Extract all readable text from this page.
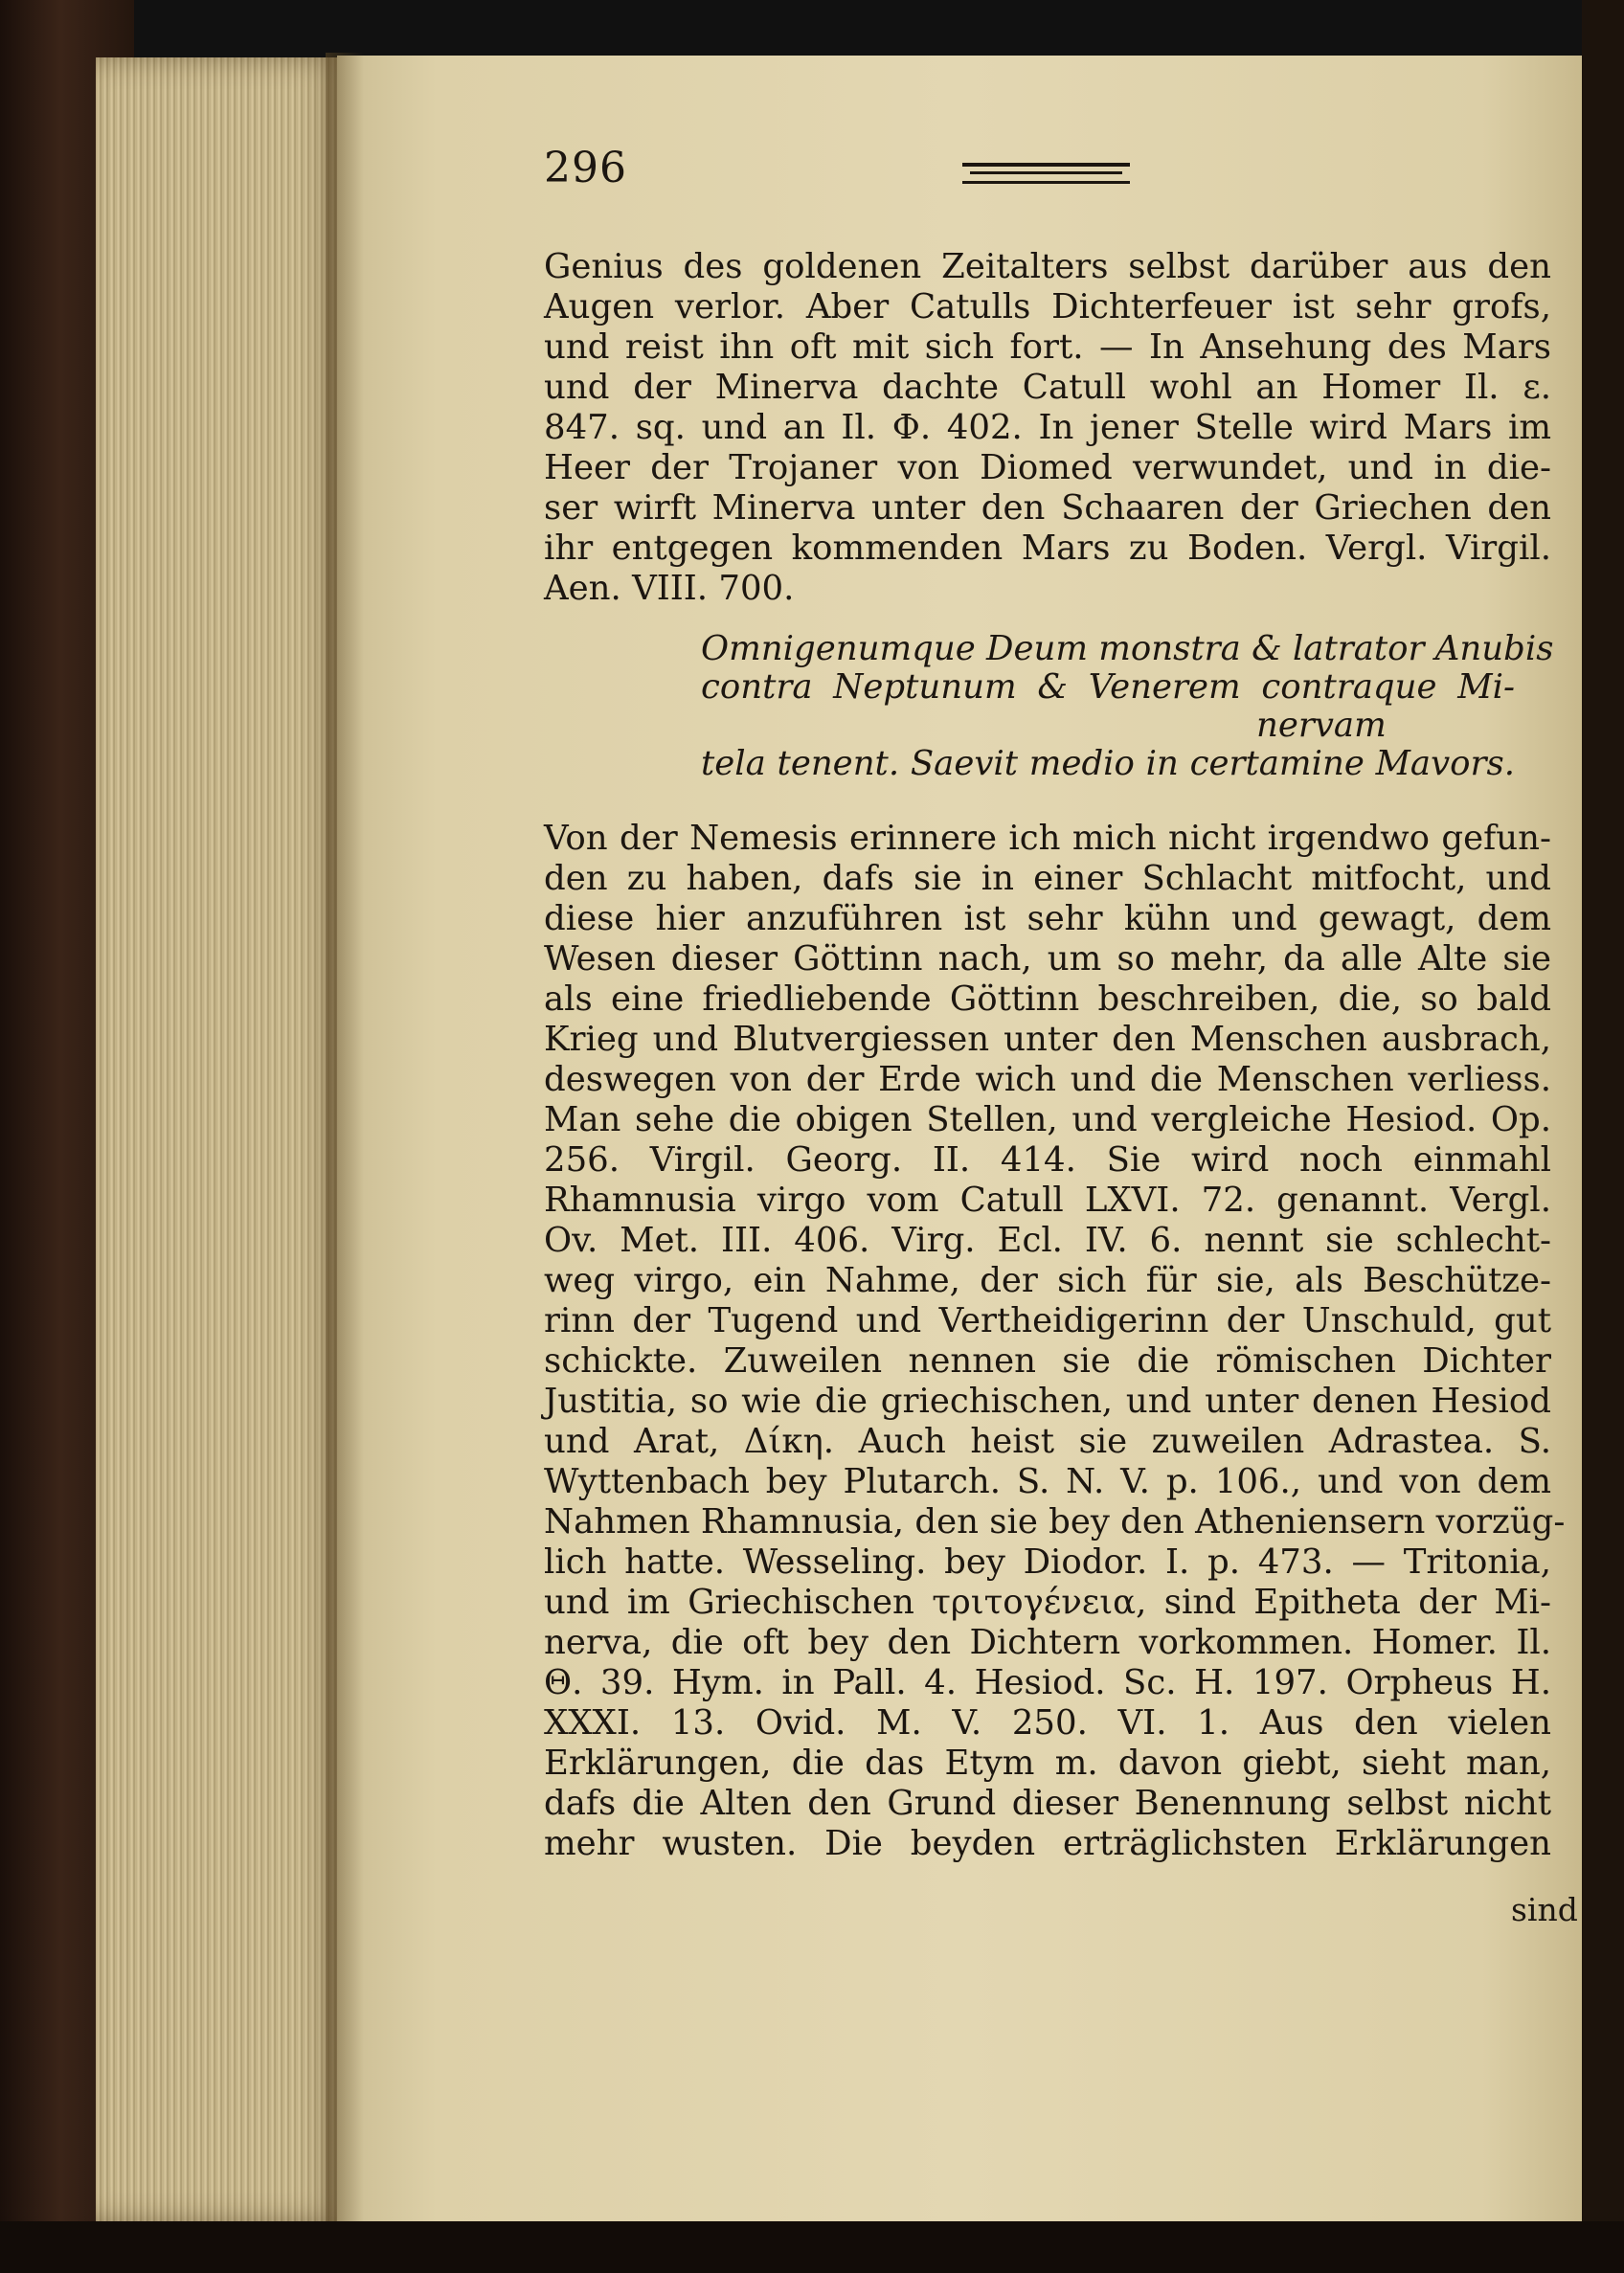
296
Genius des goldenen Zeitalters selbst darüber aus den
Augen verlor. Aber Catulls Dichterfeuer ist sehr grofs,
und reist ihn oft mit sich fort. — In Ansehung des Mars
und der Minerva dachte Catull wohl an Homer Il. ε.
847. sq. und an Il. Φ. 402. In jener Stelle wird Mars im
Heer der Trojaner von Diomed verwundet, und in die-
ser wirft Minerva unter den Schaaren der Griechen den
ihr entgegen kommenden Mars zu Boden. Vergl. Virgil.
Aen. VIII. 700.
Omnigenumque Deum monstra & latrator Anubis
contra Neptunum & Venerem contraque Mi-
nervam
tela tenent. Saevit medio in certamine Mavors.
Von der Nemesis erinnere ich mich nicht irgendwo gefun-
den zu haben, dafs sie in einer Schlacht mitfocht, und
diese hier anzuführen ist sehr kühn und gewagt, dem
Wesen dieser Göttinn nach, um so mehr, da alle Alte sie
als eine friedliebende Göttinn beschreiben, die, so bald
Krieg und Blutvergiessen unter den Menschen ausbrach,
deswegen von der Erde wich und die Menschen verliess.
Man sehe die obigen Stellen, und vergleiche Hesiod. Op.
256. Virgil. Georg. II. 414. Sie wird noch einmahl
Rhamnusia virgo vom Catull LXVI. 72. genannt. Vergl.
Ov. Met. III. 406. Virg. Ecl. IV. 6. nennt sie schlecht-
weg virgo, ein Nahme, der sich für sie, als Beschütze-
rinn der Tugend und Vertheidigerinn der Unschuld, gut
schickte. Zuweilen nennen sie die römischen Dichter
Justitia, so wie die griechischen, und unter denen Hesiod
und Arat, Δίκη. Auch heist sie zuweilen Adrastea. S.
Wyttenbach bey Plutarch. S. N. V. p. 106., und von dem
Nahmen Rhamnusia, den sie bey den Atheniensern vorzüg-
lich hatte. Wesseling. bey Diodor. I. p. 473. — Tritonia,
und im Griechischen τριτογένεια, sind Epitheta der Mi-
nerva, die oft bey den Dichtern vorkommen. Homer. Il.
Θ. 39. Hym. in Pall. 4. Hesiod. Sc. H. 197. Orpheus H.
XXXI. 13. Ovid. M. V. 250. VI. 1. Aus den vielen
Erklärungen, die das Etym m. davon giebt, sieht man,
dafs die Alten den Grund dieser Benennung selbst nicht
mehr wusten. Die beyden erträglichsten Erklärungen
sind
